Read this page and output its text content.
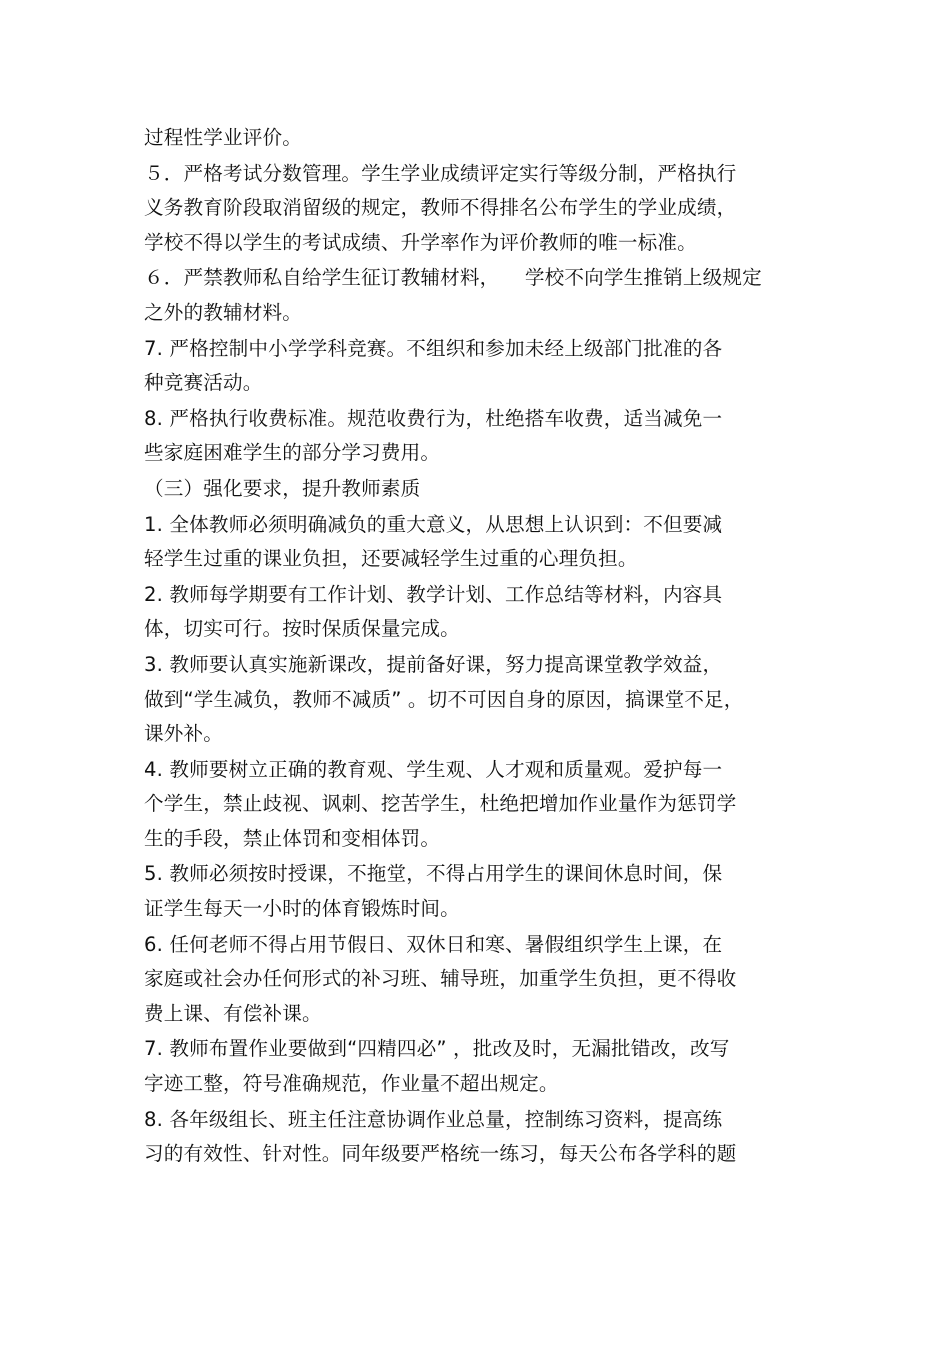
过程性学业评价。
５．严格考试分数管理。学生学业成绩评定实行等级分制，严格执行
义务教育阶段取消留级的规定，教师不得排名公布学生的学业成绩，
学校不得以学生的考试成绩、升学率作为评价教师的唯一标准。
６．严禁教师私自给学生征订教辅材料，    学校不向学生推销上级规定
之外的教辅材料。
7. 严格控制中小学学科竞赛。不组织和参加未经上级部门批准的各
种竞赛活动。
8. 严格执行收费标准。规范收费行为，杜绝搭车收费，适当减免一
些家庭困难学生的部分学习费用。
（三）强化要求，提升教师素质
1. 全体教师必须明确减负的重大意义，从思想上认识到：不但要减
轻学生过重的课业负担，还要减轻学生过重的心理负担。
2. 教师每学期要有工作计划、教学计划、工作总结等材料，内容具
体，切实可行。按时保质保量完成。
3. 教师要认真实施新课改，提前备好课，努力提高课堂教学效益，
做到“学生减负，教师不减质” 。切不可因自身的原因，搞课堂不足，
课外补。
4. 教师要树立正确的教育观、学生观、人才观和质量观。爱护每一
个学生，禁止歧视、讽刺、挖苦学生，杜绝把增加作业量作为惩罚学
生的手段，禁止体罚和变相体罚。
5. 教师必须按时授课，不拖堂，不得占用学生的课间休息时间，保
证学生每天一小时的体育锻炼时间。
6. 任何老师不得占用节假日、双休日和寒、暑假组织学生上课，在
家庭或社会办任何形式的补习班、辅导班，加重学生负担，更不得收
费上课、有偿补课。
7. 教师布置作业要做到“四精四必” ，批改及时，无漏批错改，改写
字迹工整，符号准确规范，作业量不超出规定。
8. 各年级组长、班主任注意协调作业总量，控制练习资料，提高练
习的有效性、针对性。同年级要严格统一练习，每天公布各学科的题
